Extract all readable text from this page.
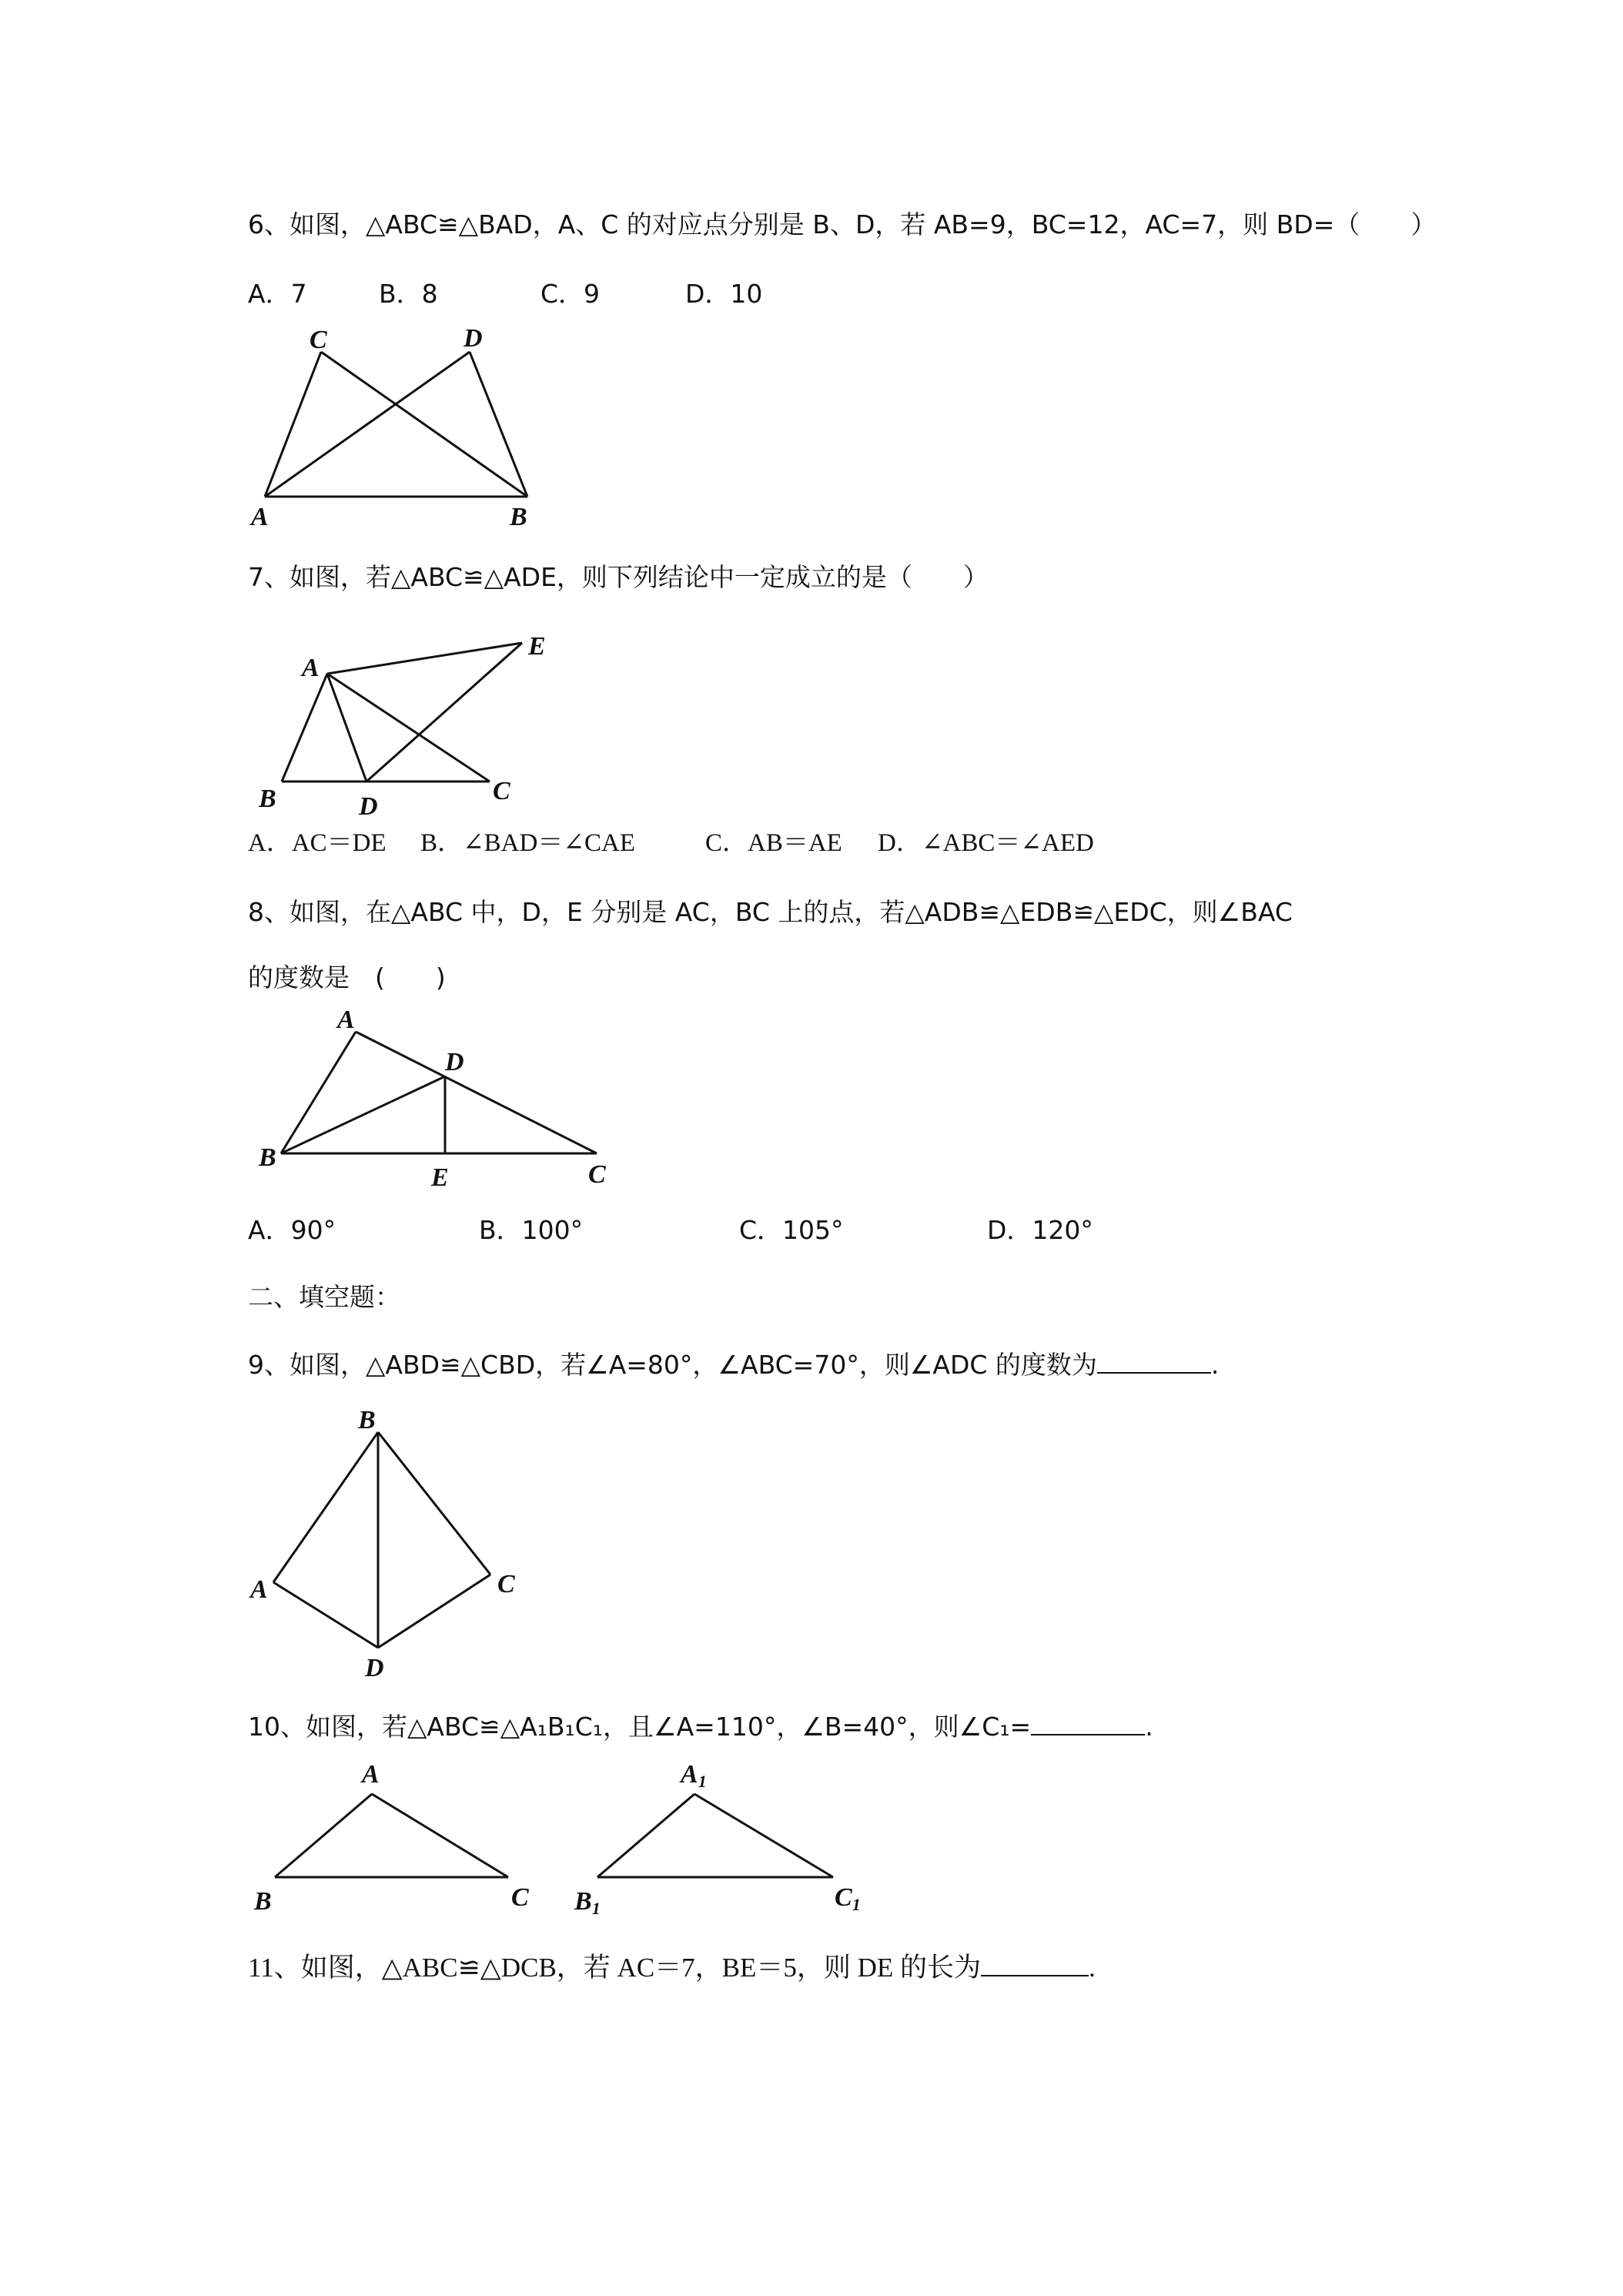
6、如图，△ABC≌△BAD，A、C 的对应点分别是 B、D，若 AB=9，BC=12，AC=7，则 BD=（　　）
A．7	B．8	C．9	D．10
C	D
A	B
7、如图，若△ABC≌△ADE，则下列结论中一定成立的是（　　）
A
E
B	D
C
A．AC＝DE B．∠BAD＝∠CAE	C．AB＝AE D．∠ABC＝∠AED
8、如图，在△ABC 中，D，E 分别是 AC，BC 上的点，若△ADB≌△EDB≌△EDC，则∠BAC
的度数是　(　　)
A
D
B
E	C
A．90°	B．100°	C．105°	D．120°
二、填空题：
9、如图，△ABD≌△CBD，若∠A=80°，∠ABC=70°，则∠ADC 的度数为	.
B
A	C
D
10、如图，若△ABC≌△A₁B₁C₁，且∠A=110°，∠B=40°，则∠C₁=	.
A
B	C
A1
B1	C1
11、如图，△ABC≌△DCB，若 AC＝7，BE＝5，则 DE 的长为	.
